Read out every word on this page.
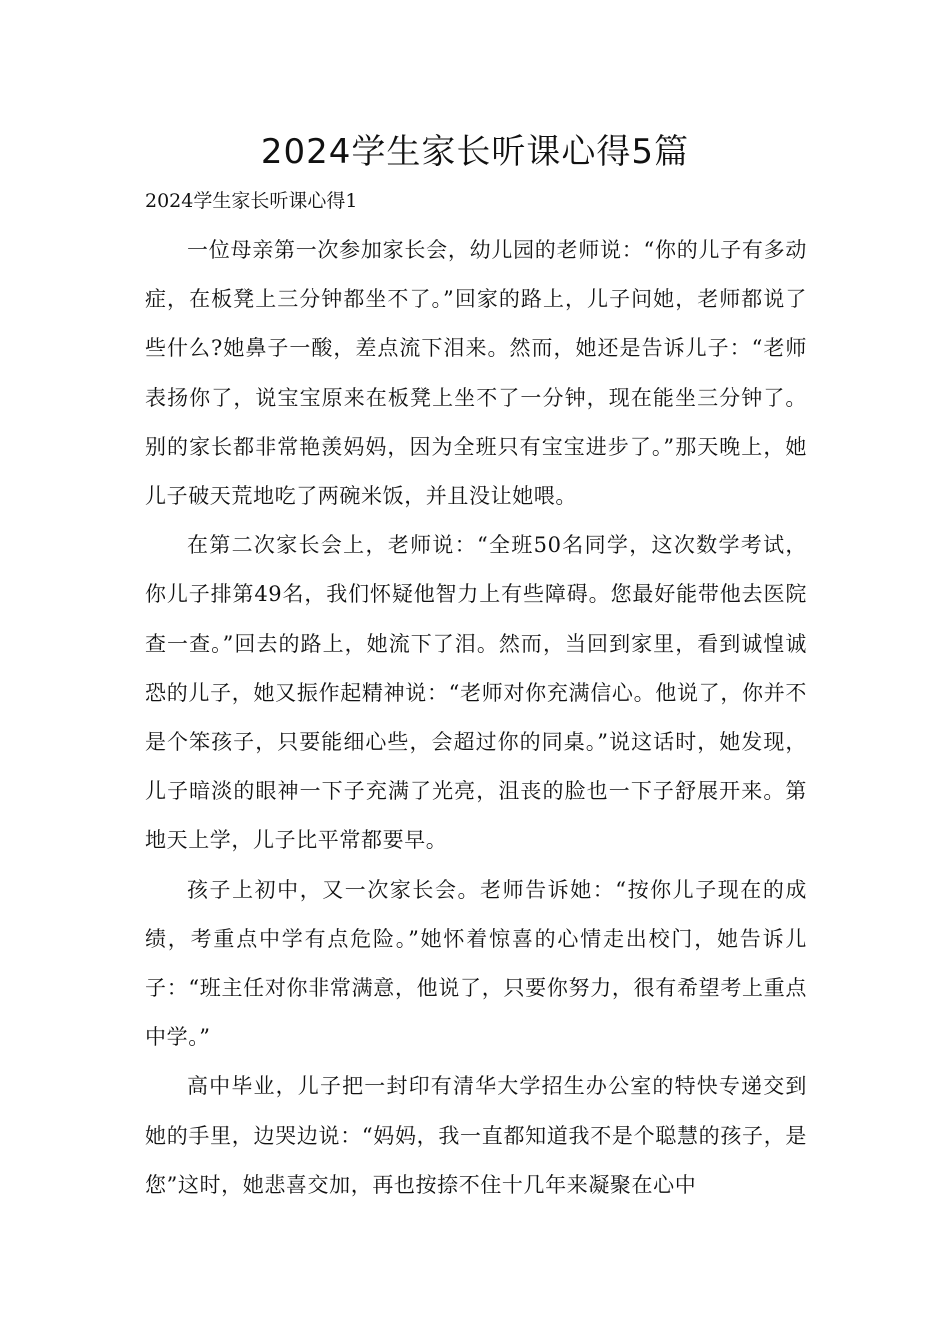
2024学生家长听课心得5篇

2024学生家长听课心得1

一位母亲第一次参加家长会，幼儿园的老师说：“你的儿子有多动症，在板凳上三分钟都坐不了。”回家的路上，儿子问她，老师都说了些什么?她鼻子一酸，差点流下泪来。然而，她还是告诉儿子：“老师表扬你了，说宝宝原来在板凳上坐不了一分钟，现在能坐三分钟了。别的家长都非常艳羡妈妈，因为全班只有宝宝进步了。”那天晚上，她儿子破天荒地吃了两碗米饭，并且没让她喂。

在第二次家长会上，老师说：“全班50名同学，这次数学考试，你儿子排第49名，我们怀疑他智力上有些障碍。您最好能带他去医院查一查。”回去的路上，她流下了泪。然而，当回到家里，看到诚惶诚恐的儿子，她又振作起精神说：“老师对你充满信心。他说了，你并不是个笨孩子，只要能细心些，会超过你的同桌。”说这话时，她发现，儿子暗淡的眼神一下子充满了光亮，沮丧的脸也一下子舒展开来。第地天上学，儿子比平常都要早。

孩子上初中，又一次家长会。老师告诉她：“按你儿子现在的成绩，考重点中学有点危险。”她怀着惊喜的心情走出校门，她告诉儿子：“班主任对你非常满意，他说了，只要你努力，很有希望考上重点中学。”

高中毕业，儿子把一封印有清华大学招生办公室的特快专递交到她的手里，边哭边说：“妈妈，我一直都知道我不是个聪慧的孩子，是您”这时，她悲喜交加，再也按捺不住十几年来凝聚在心中
